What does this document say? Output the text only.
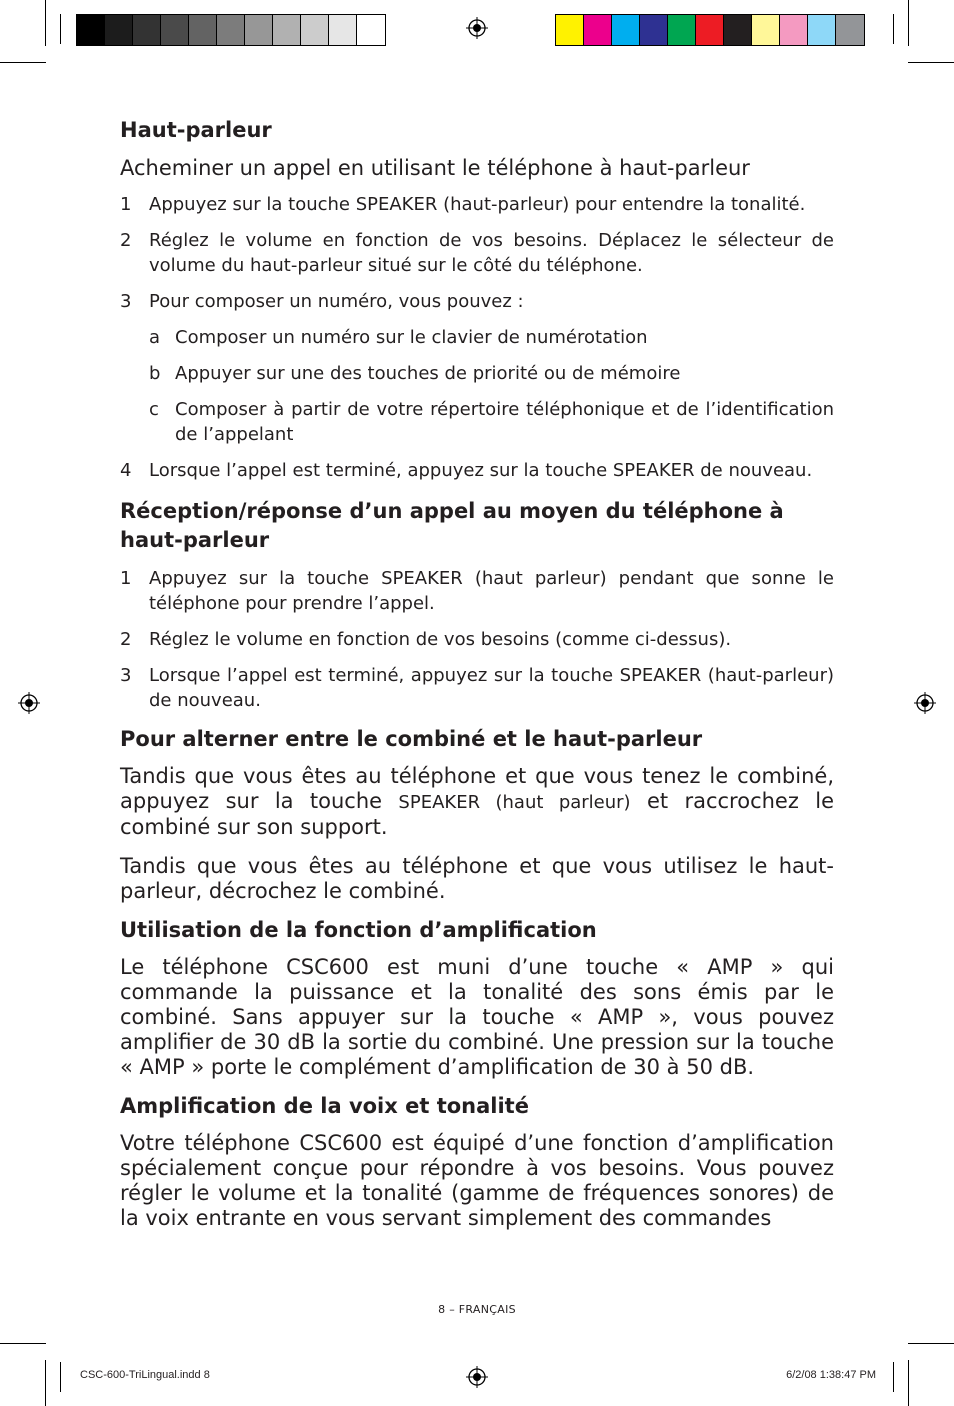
Haut-parleur
Acheminer un appel en utilisant le téléphone à haut-parleur
1 Appuyez sur la touche SPEAKER (haut-parleur) pour entendre la tonalité.
2 Réglez le volume en fonction de vos besoins. Déplacez le sélecteur de volume du haut-parleur situé sur le côté du téléphone.
3 Pour composer un numéro, vous pouvez :
a Composer un numéro sur le clavier de numérotation
b Appuyer sur une des touches de priorité ou de mémoire
c Composer à partir de votre répertoire téléphonique et de l’identification de l’appelant
4 Lorsque l’appel est terminé, appuyez sur la touche SPEAKER de nouveau.
Réception/réponse d’un appel au moyen du téléphone à haut-parleur
1 Appuyez sur la touche SPEAKER (haut parleur) pendant que sonne le téléphone pour prendre l’appel.
2 Réglez le volume en fonction de vos besoins (comme ci-dessus).
3 Lorsque l’appel est terminé, appuyez sur la touche SPEAKER (haut-parleur) de nouveau.
Pour alterner entre le combiné et le haut-parleur
Tandis que vous êtes au téléphone et que vous tenez le combiné, appuyez sur la touche SPEAKER (haut parleur) et raccrochez le combiné sur son support.
Tandis que vous êtes au téléphone et que vous utilisez le haut-parleur, décrochez le combiné.
Utilisation de la fonction d’amplification
Le téléphone CSC600 est muni d’une touche « AMP » qui commande la puissance et la tonalité des sons émis par le combiné. Sans appuyer sur la touche « AMP », vous pouvez amplifier de 30 dB la sortie du combiné. Une pression sur la touche « AMP » porte le complément d’amplification de 30 à 50 dB.
Amplification de la voix et tonalité
Votre téléphone CSC600 est équipé d’une fonction d’amplification spécialement conçue pour répondre à vos besoins. Vous pouvez régler le volume et la tonalité (gamme de fréquences sonores) de la voix entrante en vous servant simplement des commandes
8 – FRANÇAIS
CSC-600-TriLingual.indd 8	6/2/08 1:38:47 PM
